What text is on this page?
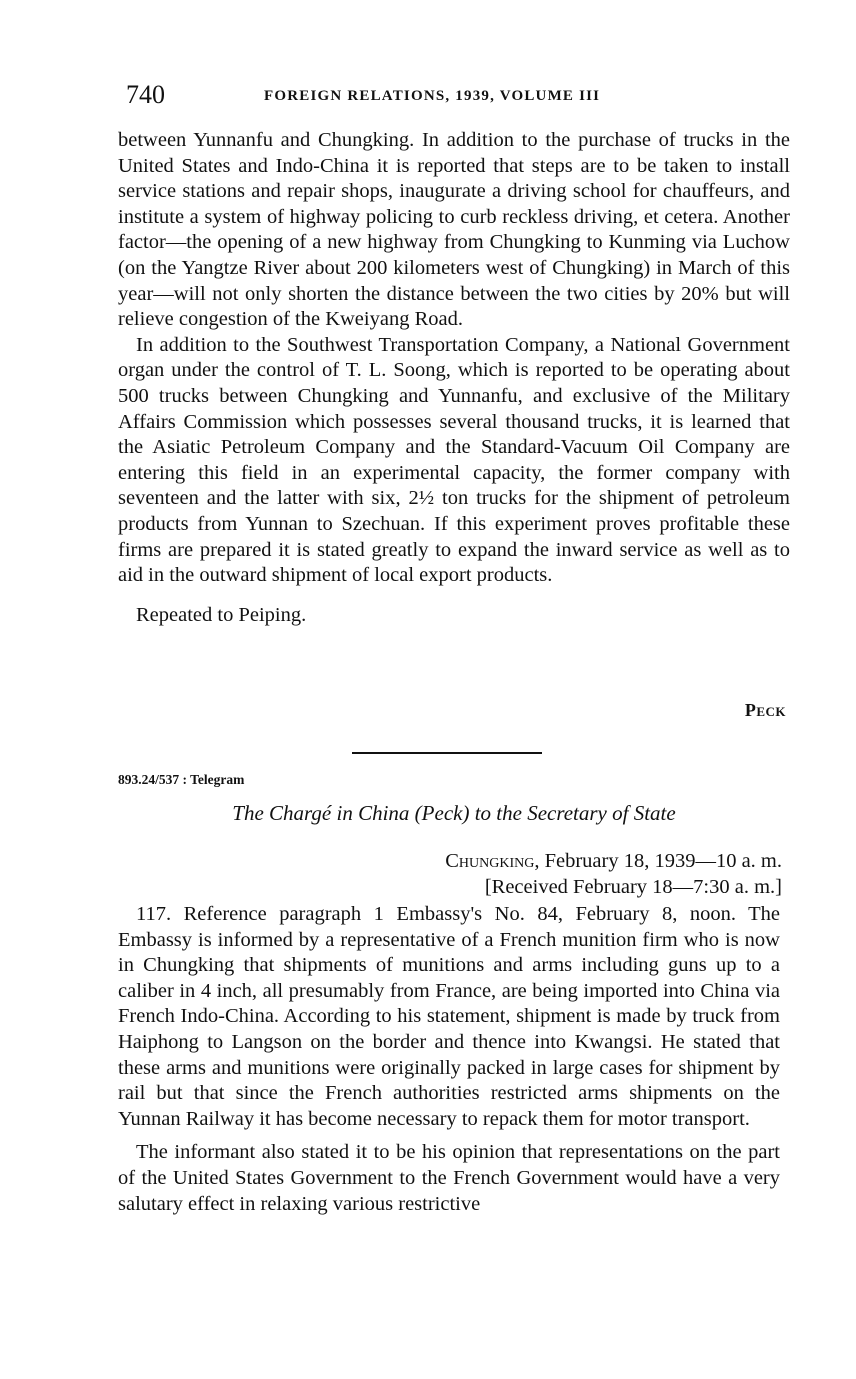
740	FOREIGN RELATIONS, 1939, VOLUME III

between Yunnanfu and Chungking. In addition to the purchase of trucks in the United States and Indo-China it is reported that steps are to be taken to install service stations and repair shops, inaugurate a driving school for chauffeurs, and institute a system of highway policing to curb reckless driving, et cetera. Another factor—the opening of a new highway from Chungking to Kunming via Luchow (on the Yangtze River about 200 kilometers west of Chungking) in March of this year—will not only shorten the distance between the two cities by 20% but will relieve congestion of the Kweiyang Road.

In addition to the Southwest Transportation Company, a National Government organ under the control of T. L. Soong, which is reported to be operating about 500 trucks between Chungking and Yunnanfu, and exclusive of the Military Affairs Commission which possesses several thousand trucks, it is learned that the Asiatic Petroleum Company and the Standard-Vacuum Oil Company are entering this field in an experimental capacity, the former company with seventeen and the latter with six, 2½ ton trucks for the shipment of petroleum products from Yunnan to Szechuan. If this experiment proves profitable these firms are prepared it is stated greatly to expand the inward service as well as to aid in the outward shipment of local export products.

Repeated to Peiping.

Peck
893.24/537 : Telegram
The Chargé in China (Peck) to the Secretary of State
Chungking, February 18, 1939—10 a. m.
[Received February 18—7:30 a. m.]

117. Reference paragraph 1 Embassy's No. 84, February 8, noon. The Embassy is informed by a representative of a French munition firm who is now in Chungking that shipments of munitions and arms including guns up to a caliber in 4 inch, all presumably from France, are being imported into China via French Indo-China. According to his statement, shipment is made by truck from Haiphong to Langson on the border and thence into Kwangsi. He stated that these arms and munitions were originally packed in large cases for shipment by rail but that since the French authorities restricted arms shipments on the Yunnan Railway it has become necessary to repack them for motor transport.

The informant also stated it to be his opinion that representations on the part of the United States Government to the French Government would have a very salutary effect in relaxing various restrictive
